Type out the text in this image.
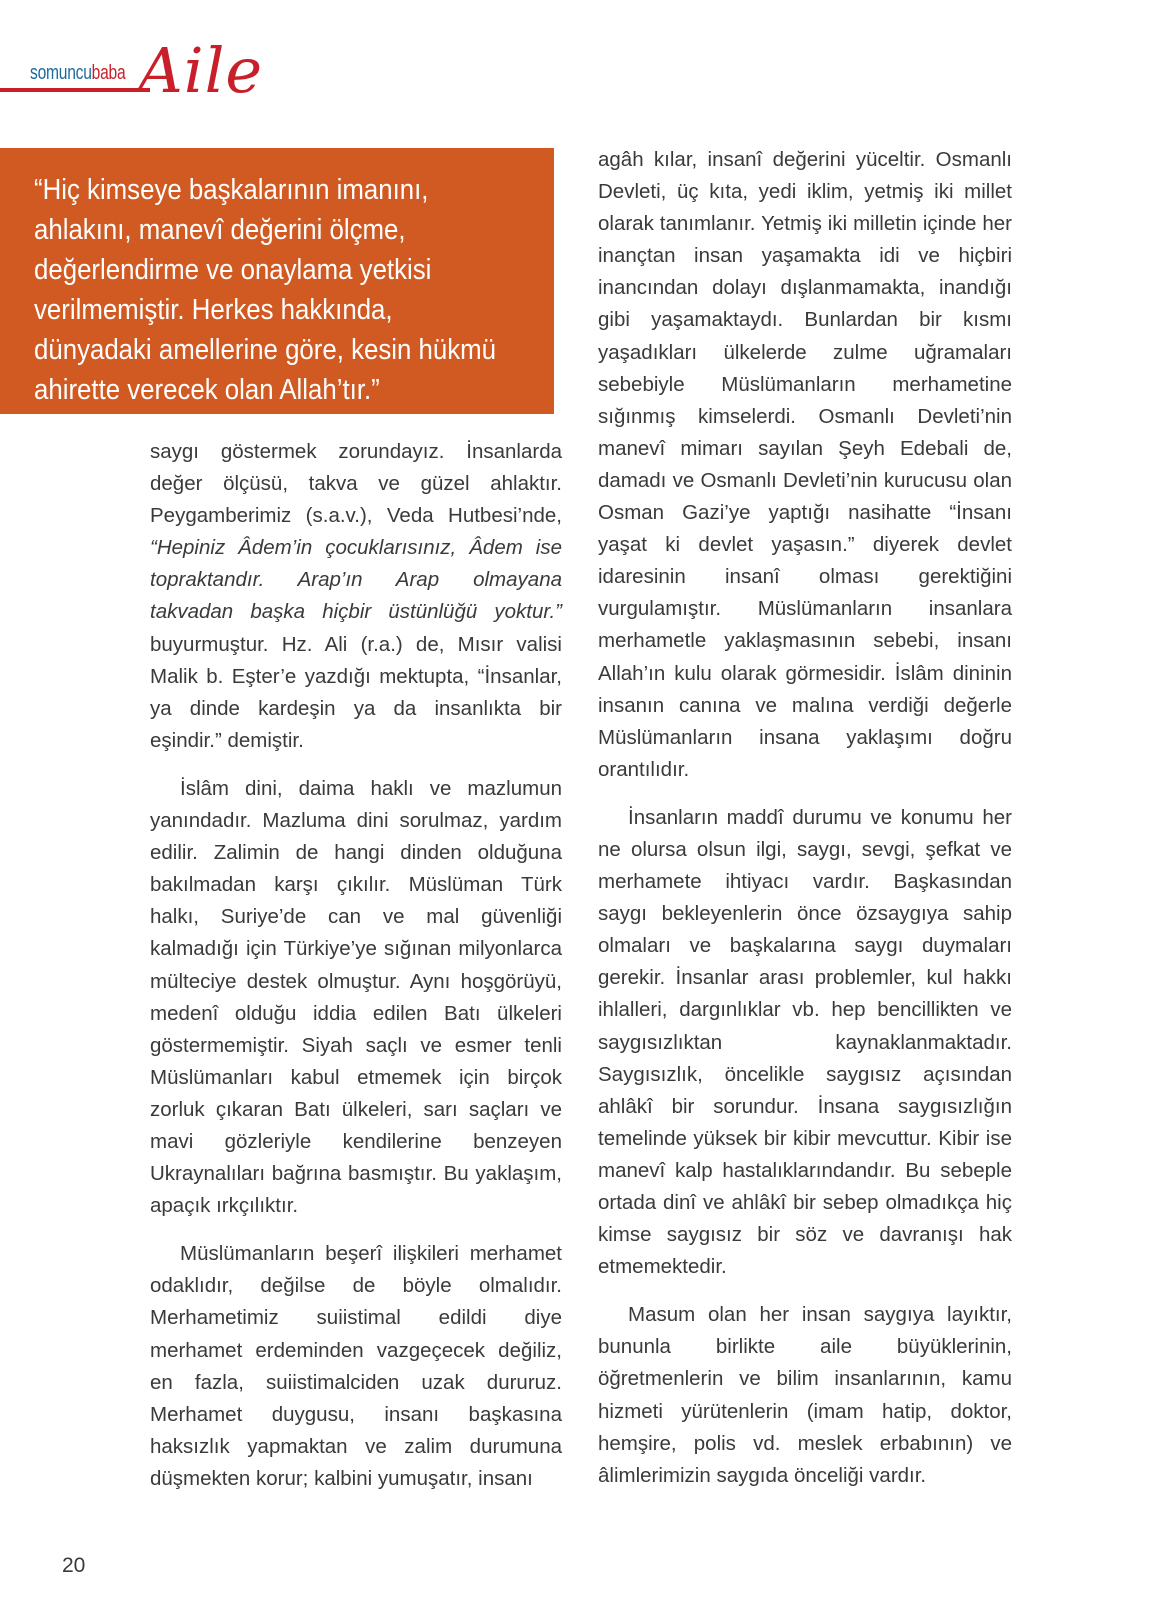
somuncubaba Aile

“Hiç kimseye başkalarının imanını, ahlakını, manevî değerini ölçme, değerlendirme ve onaylama yetkisi verilmemiştir. Herkes hakkında, dünyadaki amellerine göre, kesin hükmü ahirette verecek olan Allah’tır.”

saygı göstermek zorundayız. İnsanlarda değer ölçüsü, takva ve güzel ahlaktır. Peygamberimiz (s.a.v.), Veda Hutbesi’nde, “Hepiniz Âdem’in çocuklarısınız, Âdem ise topraktandır. Arap’ın Arap olmayana takvadan başka hiçbir üstünlüğü yoktur.” buyurmuştur. Hz. Ali (r.a.) de, Mısır valisi Malik b. Eşter’e yazdığı mektupta, “İnsanlar, ya dinde kardeşin ya da insanlıkta bir eşindir.” demiştir.

İslâm dini, daima haklı ve mazlumun yanındadır. Mazluma dini sorulmaz, yardım edilir. Zalimin de hangi dinden olduğuna bakılmadan karşı çıkılır. Müslüman Türk halkı, Suriye’de can ve mal güvenliği kalmadığı için Türkiye’ye sığınan milyonlarca mülteciye destek olmuştur. Aynı hoşgörüyü, medenî olduğu iddia edilen Batı ülkeleri göstermemiştir. Siyah saçlı ve esmer tenli Müslümanları kabul etmemek için birçok zorluk çıkaran Batı ülkeleri, sarı saçları ve mavi gözleriyle kendilerine benzeyen Ukraynalıları bağrına basmıştır. Bu yaklaşım, apaçık ırkçılıktır.

Müslümanların beşerî ilişkileri merhamet odaklıdır, değilse de böyle olmalıdır. Merhametimiz suiistimal edildi diye merhamet erdeminden vazgeçecek değiliz, en fazla, suiistimalciden uzak dururuz. Merhamet duygusu, insanı başkasına haksızlık yapmaktan ve zalim durumuna düşmekten korur; kalbini yumuşatır, insanı

agâh kılar, insanî değerini yüceltir. Osmanlı Devleti, üç kıta, yedi iklim, yetmiş iki millet olarak tanımlanır. Yetmiş iki milletin içinde her inançtan insan yaşamakta idi ve hiçbiri inancından dolayı dışlanmamakta, inandığı gibi yaşamaktaydı. Bunlardan bir kısmı yaşadıkları ülkelerde zulme uğramaları sebebiyle Müslümanların merhametine sığınmış kimselerdi. Osmanlı Devleti’nin manevî mimarı sayılan Şeyh Edebali de, damadı ve Osmanlı Devleti’nin kurucusu olan Osman Gazi’ye yaptığı nasihatte “İnsanı yaşat ki devlet yaşasın.” diyerek devlet idaresinin insanî olması gerektiğini vurgulamıştır. Müslümanların insanlara merhametle yaklaşmasının sebebi, insanı Allah’ın kulu olarak görmesidir. İslâm dininin insanın canına ve malına verdiği değerle Müslümanların insana yaklaşımı doğru orantılıdır.

İnsanların maddî durumu ve konumu her ne olursa olsun ilgi, saygı, sevgi, şefkat ve merhamete ihtiyacı vardır. Başkasından saygı bekleyenlerin önce özsaygıya sahip olmaları ve başkalarına saygı duymaları gerekir. İnsanlar arası problemler, kul hakkı ihlalleri, dargınlıklar vb. hep bencillikten ve saygısızlıktan kaynaklanmaktadır. Saygısızlık, öncelikle saygısız açısından ahlâkî bir sorundur. İnsana saygısızlığın temelinde yüksek bir kibir mevcuttur. Kibir ise manevî kalp hastalıklarındandır. Bu sebeple ortada dinî ve ahlâkî bir sebep olmadıkça hiç kimse saygısız bir söz ve davranışı hak etmemektedir.

Masum olan her insan saygıya layıktır, bununla birlikte aile büyüklerinin, öğretmenlerin ve bilim insanlarının, kamu hizmeti yürütenlerin (imam hatip, doktor, hemşire, polis vd. meslek erbabının) ve âlimlerimizin saygıda önceliği vardır.

20
